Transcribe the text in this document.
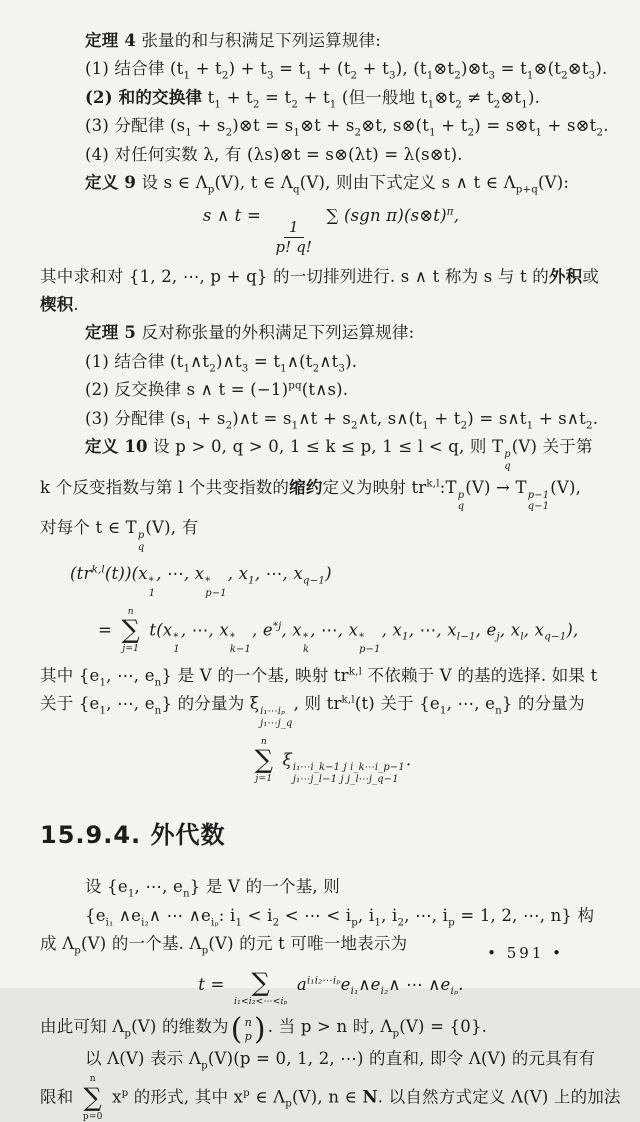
定理 4 张量的和与积满足下列运算规律:
(1) 结合律 $(t_1 + t_2) + t_3 = t_1 + (t_2 + t_3)$, $(t_1\otimes t_2)\otimes t_3$ = $t_1\otimes(t_2\otimes t_3)$.
(2) 和的交换律 $t_1 + t_2 = t_2 + t_1$ (但一般地 $t_1\otimes t_2$ ≠ $t_2\otimes t_1$).
(3) 分配律 ($s_1$ + $s_2)\otimes t$ = $s_1\otimes t$ + $s_2\otimes t$, $s\otimes(t_1 + t_2)$ = $s\otimes t_1$ + $s\otimes t_2$.
(4) 对任何实数 λ, 有 (λs)⊗t = s⊗(λt) = λ(s⊗t).
定义 9 设 s ∈ $\Lambda_p(V)$, t ∈ $\Lambda_q(V)$, 则由下式定义 s ∧ t ∈ $\Lambda_{p+q}(V)$:
s ∧ t =
$\frac{1}{p! q!}$
∑ (sgn π)(s⊗t)$^\pi$,
其中求和对 {1, 2, ⋯, p + q} 的一切排列进行. s ∧ t 称为 s 与 t 的外积或
楔积.
定理 5 反对称张量的外积满足下列运算规律:
(1) 结合律 $(t_1\wedge t_2)\wedge t_3$ = $t_1\wedge(t_2\wedge t_3)$.
(2) 反交换律 s ∧ $t = (-1)^{pq}(t\wedge s)$.
(3) 分配律 ($s_1$ + $s_2)\wedge t$ = $s_1\wedge t$ + $s_2\wedge t$, $s\wedge(t_1 + t_2)$ = $s\wedge t_1$ + $s\wedge t_2$.
定义 10 设 p > 0, q > 0, 1 ≤ k ≤ p, 1 ≤ l < q, 则 T p
q
(V) 关于第
k 个反变指数与第 l 个共变指数的缩约定义为映射 tr$^{k,l}$:T p
q
(V) → T p−1
q−1
(V),
对每个 t ∈ T p
q
(V), 有
(tr$^{k,l}$(t))(x *
1
, ⋯, x *
p−1
, $x_1$, ⋯, $x_{q-1}$)
=
n
∑
j=1
t(x *
1
, ⋯, x *
k−1
, $e^{*j}$, x *
k
, ⋯, x *
p−1
, $x_1$, ⋯, $x_{l-1}$, $e_j$, $x_l$, $x_{q-1}$),
其中 {$e_1$, ⋯, $e_n$} 是 V 的一个基, 映射 tr$^{k,l}$ 不依赖于 V 的基的选择. 如果 t
关于 {$e_1$, ⋯, $e_n$} 的分量为 ξ i₁⋯iₚ
j₁⋯j_q
, 则 tr$^{k,l}$(t) 关于 {$e_1$, ⋯, $e_n$} 的分量为
n
∑
j=1
ξ i₁⋯i_k−1 j i_k⋯i_p−1
j₁⋯j_l−1 j j_l⋯j_q−1
.
15.9.4. 外代数
设 {$e_1$, ⋯, $e_n$} 是 V 的一个基, 则
{$e_{i_1}$ $\wedge e_{i_2}\wedge$ ⋯ $\wedge e_{i_p}$: $i_1 < i_2$ < ⋯ < $i_p$, $i_1$, $i_2$, ⋯, $i_p = 1$, 2, ⋯, n} 构
成 $\Lambda_p(V)$ 的一个基. $\Lambda_p(V)$ 的元 t 可唯一地表示为
t = ∑
i₁<i₂<⋯<iₚ
$a^{i_1i_2\cdots i_p}e_{i_1}\wedge e_{i_2}\wedge$ ⋯ $\wedge e_{i_p}$.
由此可知 $\Lambda_p(V)$ 的维数为 ( n
p ) . 当 p > n 时, $\Lambda_p(V) = \{0\}$.
以 Λ(V) 表示 $\Lambda_p(V)(p = 0$, 1, 2, ⋯) 的直和, 即令 Λ(V) 的元具有有
限和
n
∑
p=0
$x^p$ 的形式, 其中 $x^p$ ∈ $\Lambda_p(V)$, n ∈ N. 以自然方式定义 Λ(V) 上的加法
• 591 •
